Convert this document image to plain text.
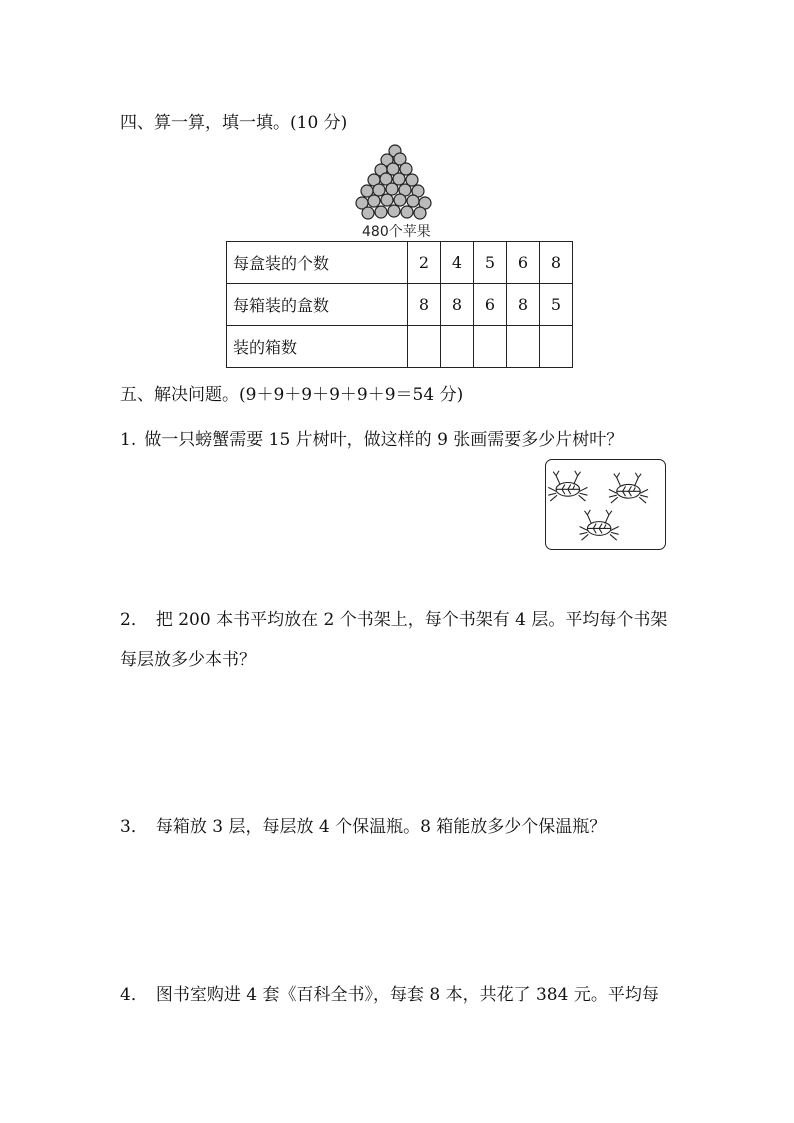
四、算一算，填一填。(10 分)
480个苹果
每盒装的个数	2	4	5	6	8
每箱装的盒数	8	8	6	8	5
装的箱数					
五、解决问题。(9＋9＋9＋9＋9＋9＝54 分)
1. 做一只螃蟹需要 15 片树叶，做这样的 9 张画需要多少片树叶？
2． 把 200 本书平均放在 2 个书架上，每个书架有 4 层。平均每个书架每层放多少本书？
3． 每箱放 3 层，每层放 4 个保温瓶。8 箱能放多少个保温瓶？
4． 图书室购进 4 套《百科全书》，每套 8 本，共花了 384 元。平均每
